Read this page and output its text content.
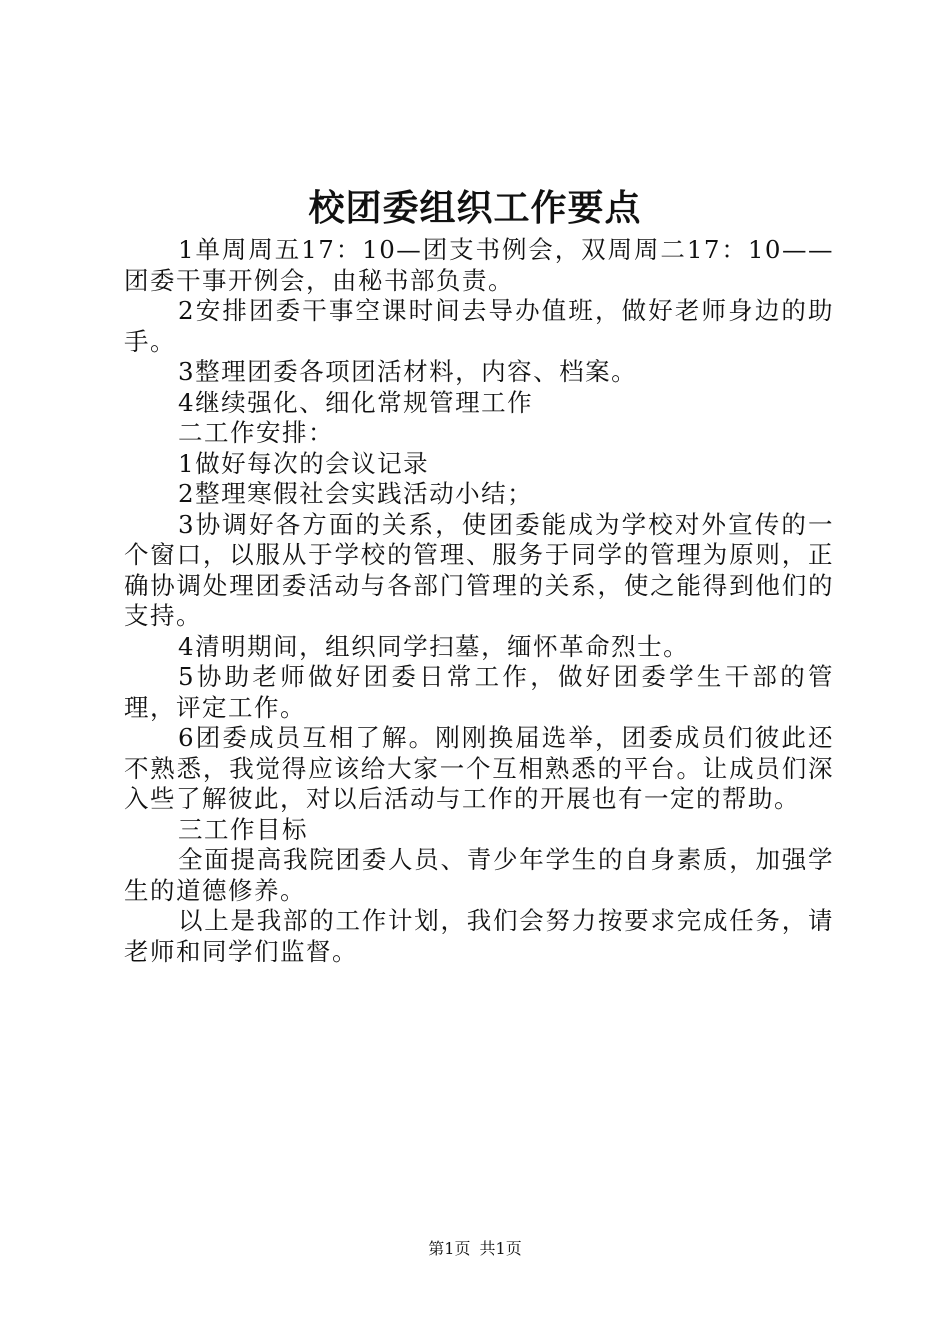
校团委组织工作要点

1单周周五17：10—团支书例会，双周周二17：10——团委干事开例会，由秘书部负责。

2安排团委干事空课时间去导办值班，做好老师身边的助手。

3整理团委各项团活材料，内容、档案。

4继续强化、细化常规管理工作

二工作安排：

1做好每次的会议记录

2整理寒假社会实践活动小结；

3协调好各方面的关系，使团委能成为学校对外宣传的一个窗口，以服从于学校的管理、服务于同学的管理为原则，正确协调处理团委活动与各部门管理的关系，使之能得到他们的支持。

4清明期间，组织同学扫墓，缅怀革命烈士。

5协助老师做好团委日常工作，做好团委学生干部的管理，评定工作。

6团委成员互相了解。刚刚换届选举，团委成员们彼此还不熟悉，我觉得应该给大家一个互相熟悉的平台。让成员们深入些了解彼此，对以后活动与工作的开展也有一定的帮助。

三工作目标

全面提高我院团委人员、青少年学生的自身素质，加强学生的道德修养。

以上是我部的工作计划，我们会努力按要求完成任务，请老师和同学们监督。

第1页 共1页
